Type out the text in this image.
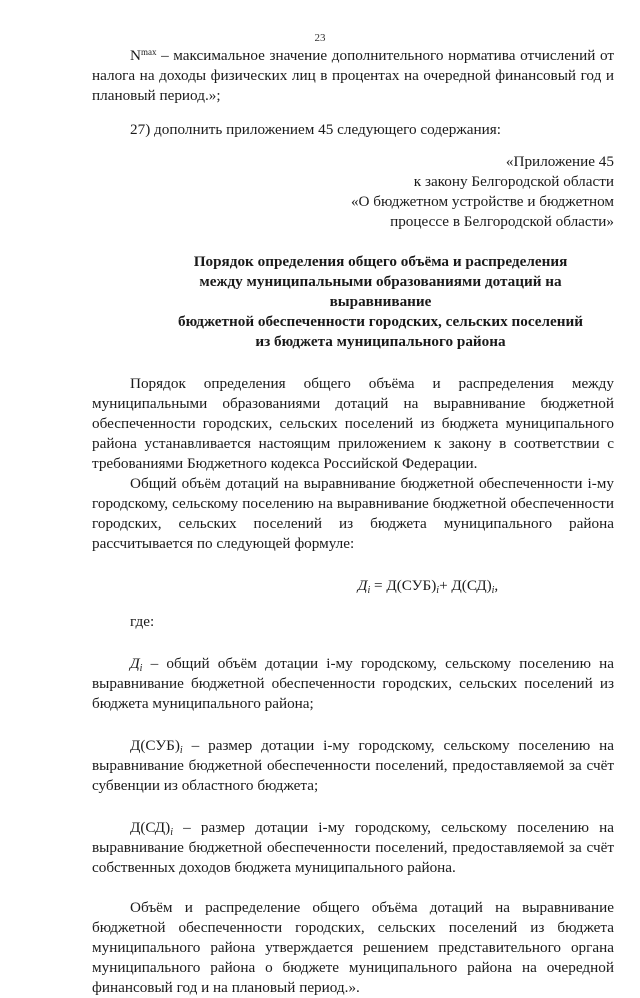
23

$N^{max}$ – максимальное значение дополнительного норматива отчислений от налога на доходы физических лиц в процентах на очередной финансовый год и плановый период.»;

27) дополнить приложением 45 следующего содержания:

«Приложение 45
к закону Белгородской области
«О бюджетном устройстве и бюджетном
процессе в Белгородской области»
Порядок определения общего объёма и распределения
между муниципальными образованиями дотаций на выравнивание
бюджетной обеспеченности городских, сельских поселений
из бюджета муниципального района

Порядок определения общего объёма и распределения между муниципальными образованиями дотаций на выравнивание бюджетной обеспеченности городских, сельских поселений из бюджета муниципального района устанавливается настоящим приложением к закону в соответствии с требованиями Бюджетного кодекса Российской Федерации.

Общий объём дотаций на выравнивание бюджетной обеспеченности i-му городскому, сельскому поселению на выравнивание бюджетной обеспеченности городских, сельских поселений из бюджета муниципального района рассчитывается по следующей формуле:

$Д_i = Д(СУБ)_i+ Д(СД)_i$,

где:

$Д_i$ – общий объём дотации i-му городскому, сельскому поселению на выравнивание бюджетной обеспеченности городских, сельских поселений из бюджета муниципального района;

$Д(СУБ)_i$ – размер дотации i-му городскому, сельскому поселению на выравнивание бюджетной обеспеченности поселений, предоставляемой за счёт субвенции из областного бюджета;

$Д(СД)_i$ – размер дотации i-му городскому, сельскому поселению на выравнивание бюджетной обеспеченности поселений, предоставляемой за счёт собственных доходов бюджета муниципального района.

Объём и распределение общего объёма дотаций на выравнивание бюджетной обеспеченности городских, сельских поселений из бюджета муниципального района утверждается решением представительного органа муниципального района о бюджете муниципального района на очередной финансовый год и на плановый период.».
